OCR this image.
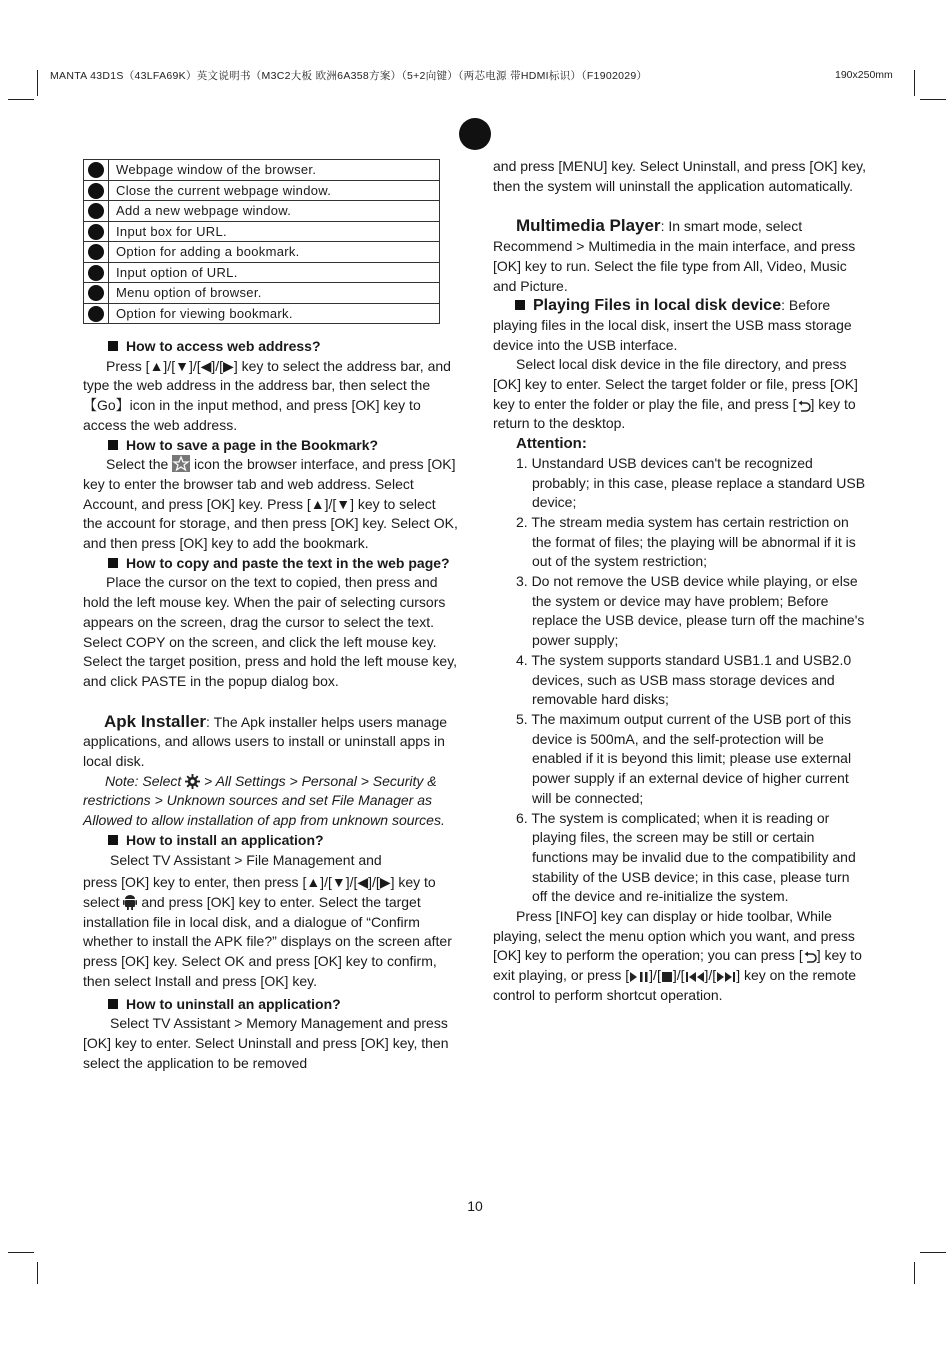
MANTA 43D1S（43LFA69K）英文说明书（M3C2大板 欧洲6A358方案）（5+2向键）（两芯电源 带HDMI标识）（F1902029）	190x250mm
	Webpage window of the browser.
	Close the current webpage window.
	Add a new webpage window.
	Input box for URL.
	Option for adding a bookmark.
	Input option of URL.
	Menu option of browser.
	Option for viewing bookmark.

How to access web address?

Press [▲]/[▼]/[◀]/[▶] key to select the address bar, and type the web address in the address bar, then select the【Go】icon in the input method, and press [OK] key to access the web address.

How to save a page in the Bookmark?

Select the icon the browser interface, and press [OK] key to enter the browser tab and web address. Select Account, and press [OK] key. Press [▲]/[▼] key to select the account for storage, and then press [OK] key. Select OK, and then press [OK] key to add the bookmark.

How to copy and paste the text in the web page?

Place the cursor on the text to copied, then press and hold the left mouse key. When the pair of selecting cursors appears on the screen, drag the cursor to select the text. Select COPY on the screen, and click the left mouse key. Select the target position, press and hold the left mouse key, and click PASTE in the popup dialog box.

Apk Installer: The Apk installer helps users manage applications, and allows users to install or uninstall apps in local disk.

Note: Select > All Settings > Personal > Security & restrictions > Unknown sources and set File Manager as Allowed to allow installation of app from unknown sources.

How to install an application?

Select TV Assistant > File Management and

press [OK] key to enter, then press [▲]/[▼]/[◀]/[▶] key to select and press [OK] key to enter. Select the target installation file in local disk, and a dialogue of “Confirm whether to install the APK file?” displays on the screen after press [OK] key. Select OK and press [OK] key to confirm, then select Install and press [OK] key.

How to uninstall an application?

Select TV Assistant > Memory Management and press [OK] key to enter. Select Uninstall and press [OK] key, then select the application to be removed

and press [MENU] key. Select Uninstall, and press [OK] key, then the system will uninstall the application automatically.

Multimedia Player: In smart mode, select Recommend > Multimedia in the main interface, and press [OK] key to run. Select the file type from All, Video, Music and Picture.

Playing Files in local disk device: Before playing files in the local disk, insert the USB mass storage device into the USB interface.

Select local disk device in the file directory, and press [OK] key to enter. Select the target folder or file, press [OK] key to enter the folder or play the file, and press [ ] key to return to the desktop.

Attention:

1. Unstandard USB devices can't be recognized probably; in this case, please replace a standard USB device;
2. The stream media system has certain restriction on the format of files; the playing will be abnormal if it is out of the system restriction;
3. Do not remove the USB device while playing, or else the system or device may have problem; Before replace the USB device, please turn off the machine's power supply;
4. The system supports standard USB1.1 and USB2.0 devices, such as USB mass storage devices and removable hard disks;
5. The maximum output current of the USB port of this device is 500mA, and the self-protection will be enabled if it is beyond this limit; please use external power supply if an external device of higher current will be connected;
6. The system is complicated; when it is reading or playing files, the screen may be still or certain functions may be invalid due to the compatibility and stability of the USB device; in this case, please turn off the device and re-initialize the system.

Press [INFO] key can display or hide toolbar, While playing, select the menu option which you want, and press [OK] key to perform the operation; you can press [ ] key to exit playing, or press [ ]/[ ]/[ ]/[ ] key on the remote control to perform shortcut operation.

10
